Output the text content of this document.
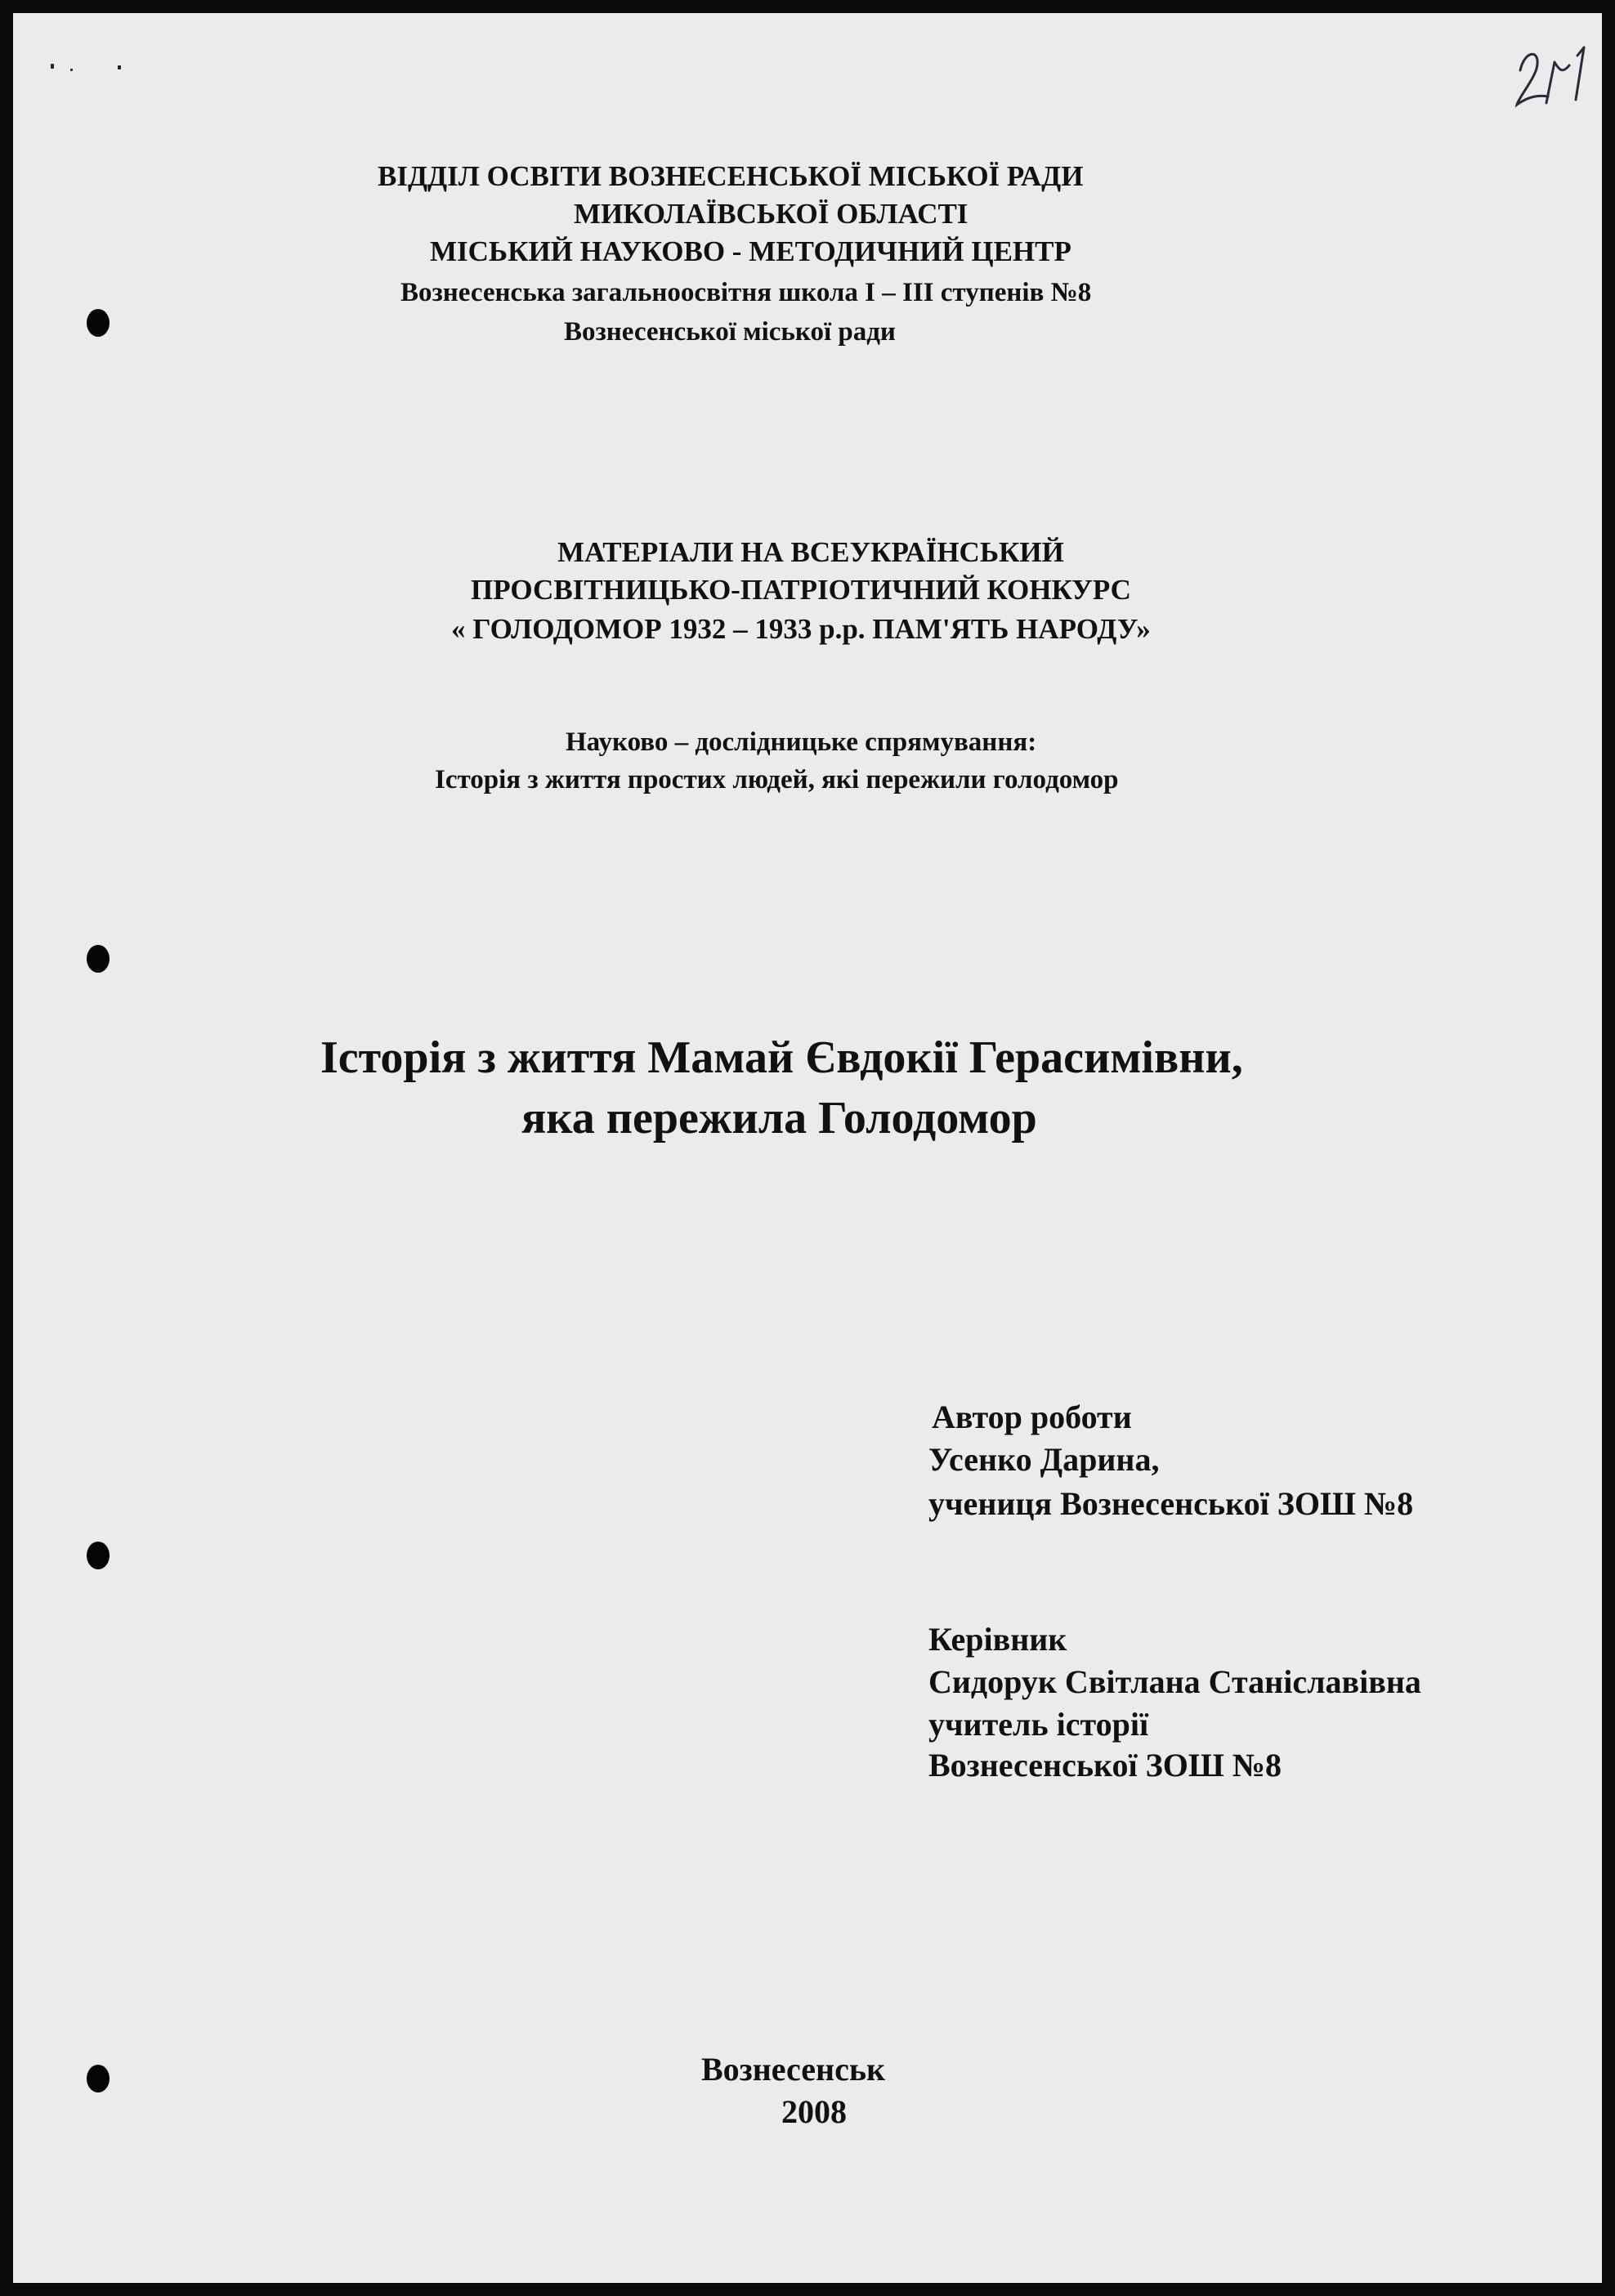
ВІДДІЛ ОСВІТИ ВОЗНЕСЕНСЬКОЇ МІСЬКОЇ РАДИ

МИКОЛАЇВСЬКОЇ ОБЛАСТІ

МІСЬКИЙ НАУКОВО - МЕТОДИЧНИЙ ЦЕНТР

Вознесенська загальноосвітня школа I – III ступенів №8

Вознесенської міської ради

МАТЕРІАЛИ НА ВСЕУКРАЇНСЬКИЙ

ПРОСВІТНИЦЬКО-ПАТРІОТИЧНИЙ КОНКУРС

« ГОЛОДОМОР 1932 – 1933 р.р. ПАМ'ЯТЬ НАРОДУ»

Науково – дослідницьке спрямування:

Історія з життя простих людей, які пережили голодомор

Історія з життя Мамай Євдокії Герасимівни,

яка пережила Голодомор

Автор роботи

Усенко Дарина,

учениця Вознесенської ЗОШ №8

Керівник

Сидорук Світлана Станіславівна

учитель історії

Вознесенської ЗОШ №8

Вознесенськ

2008
